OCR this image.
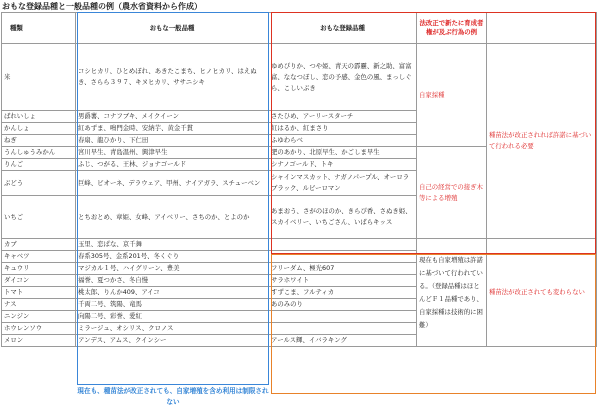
おもな登録品種と一般品種の例（農水省資料から作成）
種類	おもな一般品種	おもな登録品種	法改正で新たに育成者権が及ぶ行為の例	
米	コシヒカリ、ひとめぼれ、あきたこまち、ヒノヒカリ、はえぬき、さらら３９７、キヌヒカリ、ササニシキ	ゆめぴりか、つや姫、青天の霹靂、新之助、富富富、ななつぼし、恋の予感、金色の風、まっしぐら、こしいぶき	自家採種	種苗法が改正されれば許諾に基づいて行われる必要
ばれいしょ	男爵薯、コナフブキ、メイクイーン	さたひめ、アーリースターチ		
かんしょ	紅あずま、鳴門金時、安納芋、黄金千貫	紅はるか、紅まさり		
ねぎ	春扇、龍ひかり、下仁田	ふゆわらべ		
うんしゅうみかん	宮川早生、青島温州、興津早生	肥のあかり、北原早生、かごしま早生	自己の経営での接ぎ木等による増殖	
りんご	ふじ、つがる、王林、ジョナゴールド	シナノゴールド、トキ		
ぶどう	巨峰、ピオーネ、デラウェア、甲州、ナイアガラ、スチューベン	シャインマスカット、ナガノパープル、オーロラブラック、ルビーロマン		
いちご	とちおとめ、章姫、女峰、アイベリー、さちのか、とよのか	あまおう、さがのほのか、きらぴ香、さぬき姫、スカイベリー、いちごさん、いばらキッス		
カブ	玉里、恋ぱな、京千舞		現在も自家増殖は許諾に基づいて行われている。（登録品種はほとんどＦ１品種であり、自家採種は技術的に困難）	種苗法が改正されても変わらない
キャベツ	春系305号、金系201号、冬くぐり			
キュウリ	マジカル１号、ハイグリーン、豊美	フリーダム、極光607		
ダイコン	福誉、夏つかさ、冬自慢	サラホワイト		
トマト	桃太郎、りんか409、アイコ	すずこま、フルティカ		
ナス	千両二号、筑陽、竜馬	あのみのり		
ニンジン	向陽二号、彩誉、愛紅			
ホウレンソウ	ミラージュ、オシリス、クロノス			
メロン	アンデス、アムス、クインシー	アールス輝、イバラキング		
現在も、種苗法が改正されても、自家増殖を含め利用は制限されない
